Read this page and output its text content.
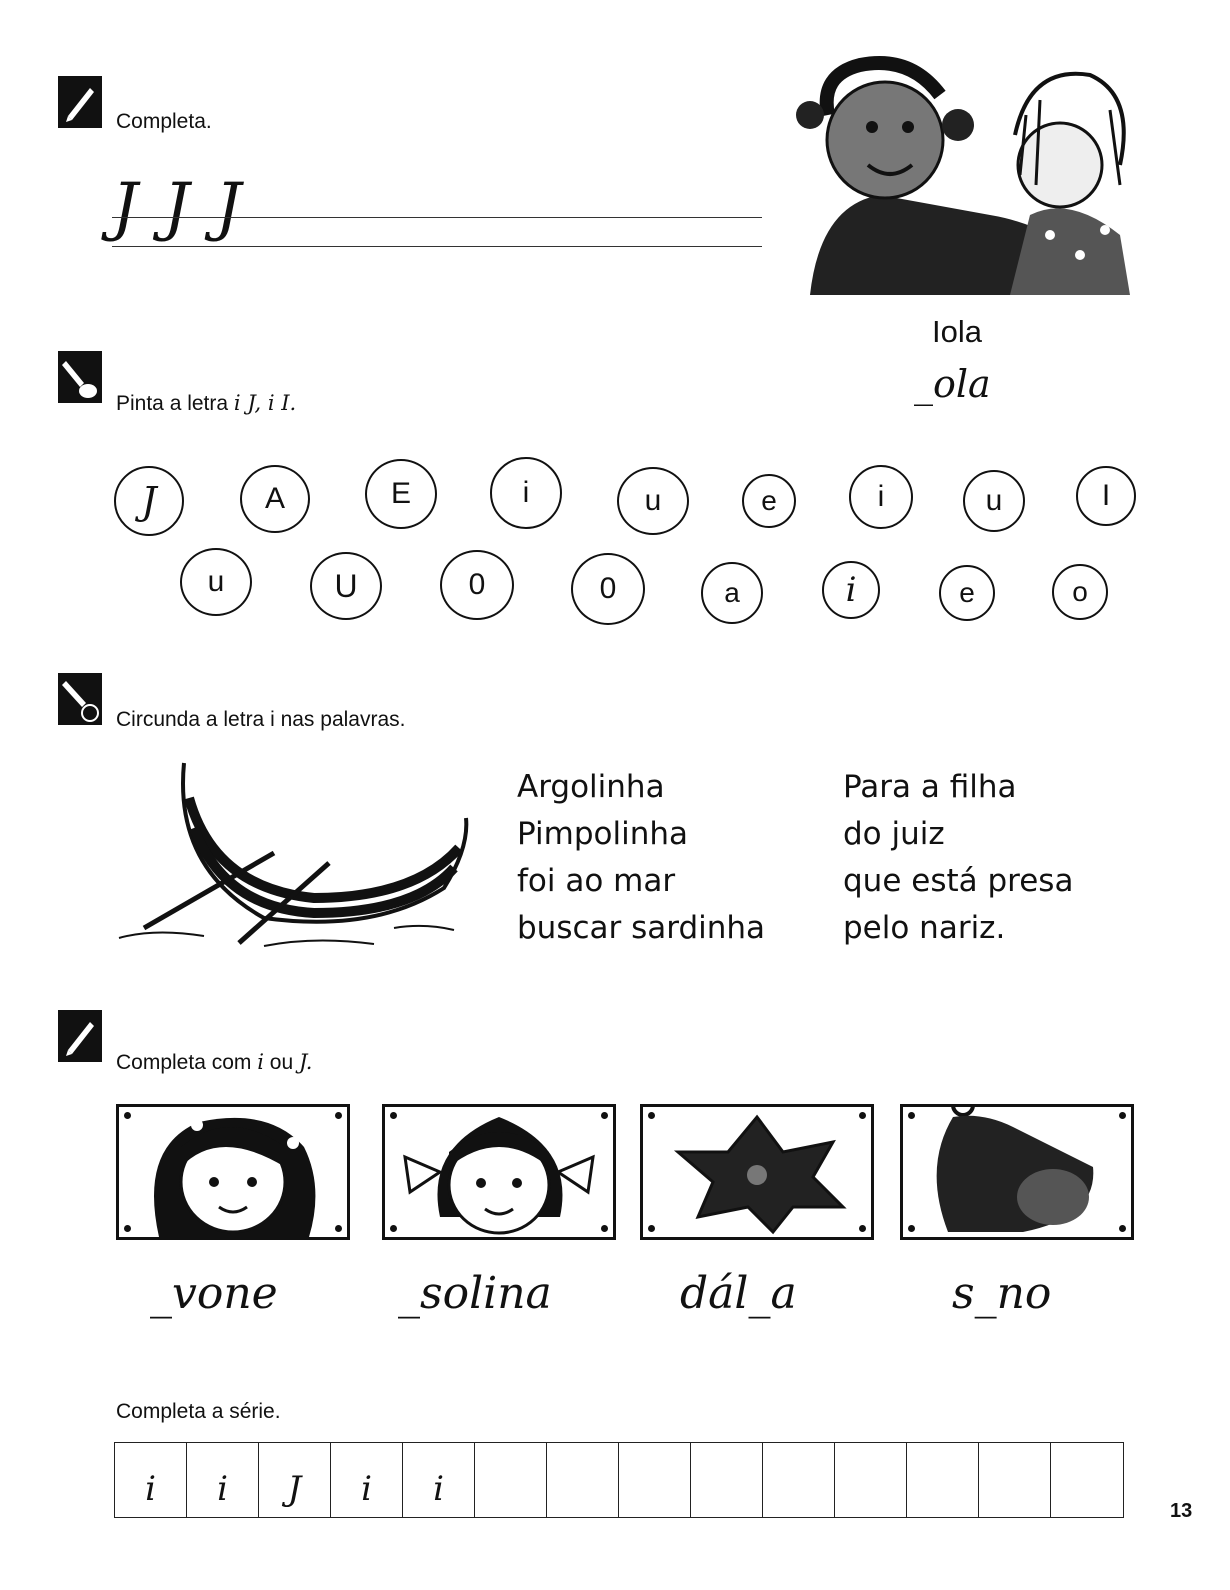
Completa.
JJJ
Iola
_ola
Pinta a letra i J, i I.
J	A	E	i	u	e	i	u	I
u	U	0	0	a	i	e	o
Circunda a letra i nas palavras.
Argolinha
Pimpolinha
foi ao mar
buscar sardinha
Para a filha
do juiz
que está presa
pelo nariz.
Completa com i ou J.
_vone	_solina	dál_a	s_no
Completa a série.
i	i	J	i	i
13
